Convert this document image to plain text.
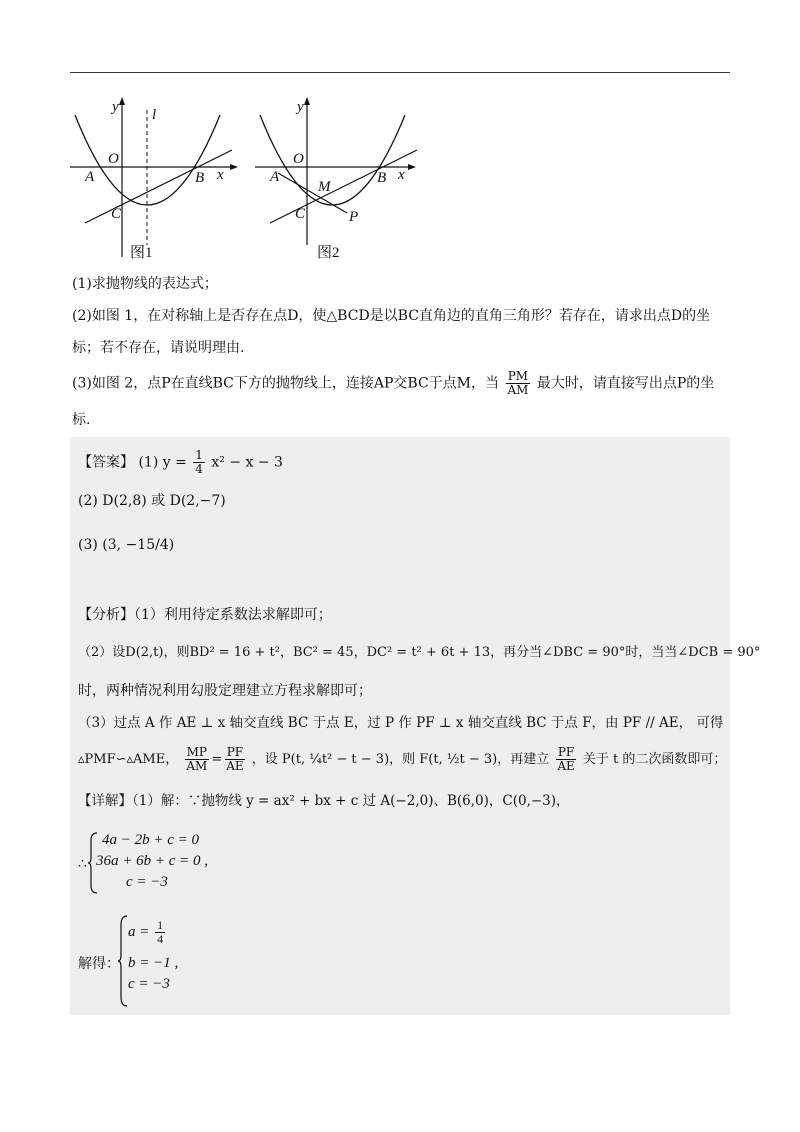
y l
O
A	B x
C
图1
y
O
A
M
B x
C	P
图2
(1)求抛物线的表达式；
(2)如图 1，在对称轴上是否存在点D，使△BCD是以BC直角边的直角三角形？若存在，请求出点D的坐
标；若不存在，请说明理由.
(3)如图 2，点P在直线BC下方的抛物线上，连接AP交BC于点M，当 $\frac{PM}{AM}$ 最大时，请直接写出点P的坐
标.
【答案】 (1) $y = \frac{1}{4} x^2 - x - 3$
(2) D(2,8) 或 D(2,−7)
(3) (3, −15/4)
【分析】（1）利用待定系数法求解即可；
（2）设D(2,t)，则BD² = 16 + t²，BC² = 45，DC² = t² + 6t + 13，再分当∠DBC = 90°时，当当∠DCB = 90°
时，两种情况利用勾股定理建立方程求解即可；
（3）过点 A 作 AE ⊥ x 轴交直线 BC 于点 E，过 P 作 PF ⊥ x 轴交直线 BC 于点 F，由 PF // AE， 可得
▵PMF∽▵AME， $\frac{MP}{AM} = \frac{PF}{AE}$ ，设 P(t, ¼t² − t − 3)，则 F(t, ½t − 3)，再建立 $\frac{PF}{AE}$ 关于 t 的二次函数即可；
【详解】（1）解：∵抛物线 y = ax² + bx + c 过 A(−2,0)、B(6,0)，C(0,−3)，
∴
4a − 2b + c = 0
36a + 6b + c = 0 ,
c = −3
解得：
$a = \frac{1}{4}$
b = −1 ,
c = −3
